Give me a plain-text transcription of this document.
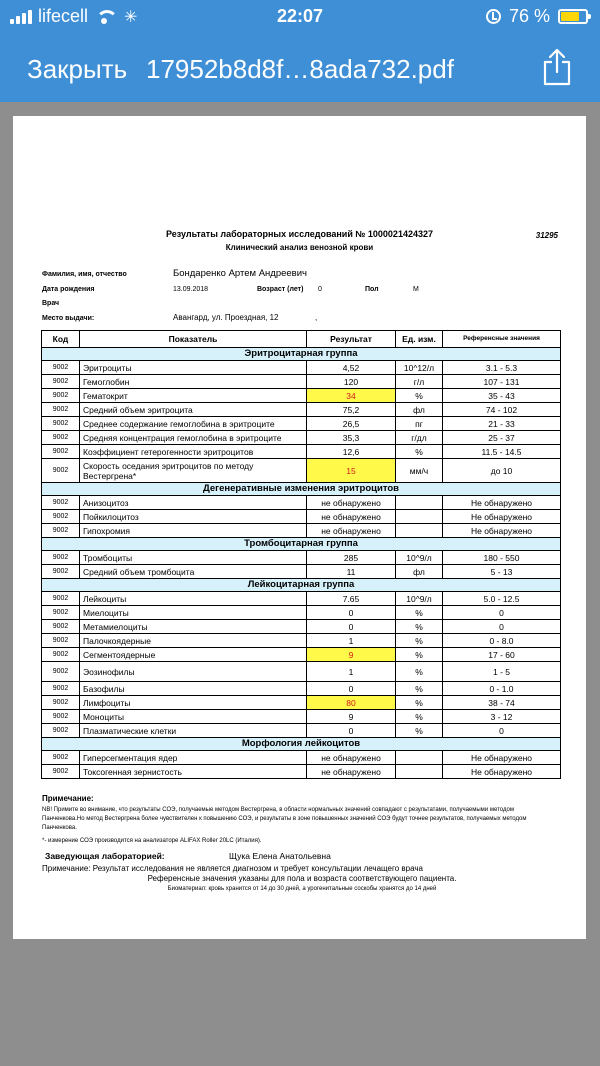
lifecell ✳	22:07	76 %
Закрыть 17952b8d8f…8ada732.pdf
Результаты лабораторных исследований № 1000021424327
Клинический анализ венозной крови
31295
Фамилия, имя, отчество	Бондаренко Артем Андреевич
Дата рождения	13.09.2018	Возраст (лет) 0	Пол	М
Врач
Место выдачи:	Авангард, ул. Проездная, 12	,
Код	Показатель	Результат	Ед. изм.	Референсные значения
Эритроцитарная группа				
9002	Эритроциты	4,52	10^12/л	3.1 - 5.3
9002	Гемоглобин	120	г/л	107 - 131
9002	Гематокрит	34	%	35 - 43
9002	Средний объем эритроцита	75,2	фл	74 - 102
9002	Среднее содержание гемоглобина в эритроците	26,5	пг	21 - 33
9002	Средняя концентрация гемоглобина в эритроците	35,3	г/дл	25 - 37
9002	Коэффициент гетерогенности эритроцитов	12,6	%	11.5 - 14.5
9002	Скорость оседания эритроцитов по методу Вестергрена*	15	мм/ч	до 10
Дегенеративные изменения эритроцитов				
9002	Анизоцитоз	не обнаружено		Не обнаружено
9002	Пойкилоцитоз	не обнаружено		Не обнаружено
9002	Гипохромия	не обнаружено		Не обнаружено
Тромбоцитарная группа				
9002	Тромбоциты	285	10^9/л	180 - 550
9002	Средний объем тромбоцита	11	фл	5 - 13
Лейкоцитарная группа				
9002	Лейкоциты	7.65	10^9/л	5.0 - 12.5
9002	Миелоциты	0	%	0
9002	Метамиелоциты	0	%	0
9002	Палочкоядерные	1	%	0 - 8.0
9002	Сегментоядерные	9	%	17 - 60
9002	Эозинофилы	1	%	1 - 5
9002	Базофилы	0	%	0 - 1.0
9002	Лимфоциты	80	%	38 - 74
9002	Моноциты	9	%	3 - 12
9002	Плазматические клетки	0	%	0
Морфология лейкоцитов				
9002	Гиперсегментация ядер	не обнаружено		Не обнаружено
9002	Токсогенная зернистость	не обнаружено		Не обнаружено
Примечание:
NB! Примите во внимание, что результаты СОЭ, получаемые методом Вестергрена, в области нормальных значений совпадают с результатами, получаемыми методом Панченкова.Но метод Вестергрена более чувствителен к повышению СОЭ, и результаты в зоне повышенных значений СОЭ будут точнее результатов, получаемых методом Панченкова.
*- измерение СОЭ производится на анализаторе ALIFAX Roller 20LC (Италия).
Заведующая лабораторией:	Щука Елена Анатольевна
Примечание: Результат исследования не является диагнозом и требует консультации лечащего врача
Референсные значения указаны для пола и возраста соответствующего пациента.
Биоматериал: кровь хранится от 14 до 30 дней, а урогенитальные соскобы хранятся до 14 дней
